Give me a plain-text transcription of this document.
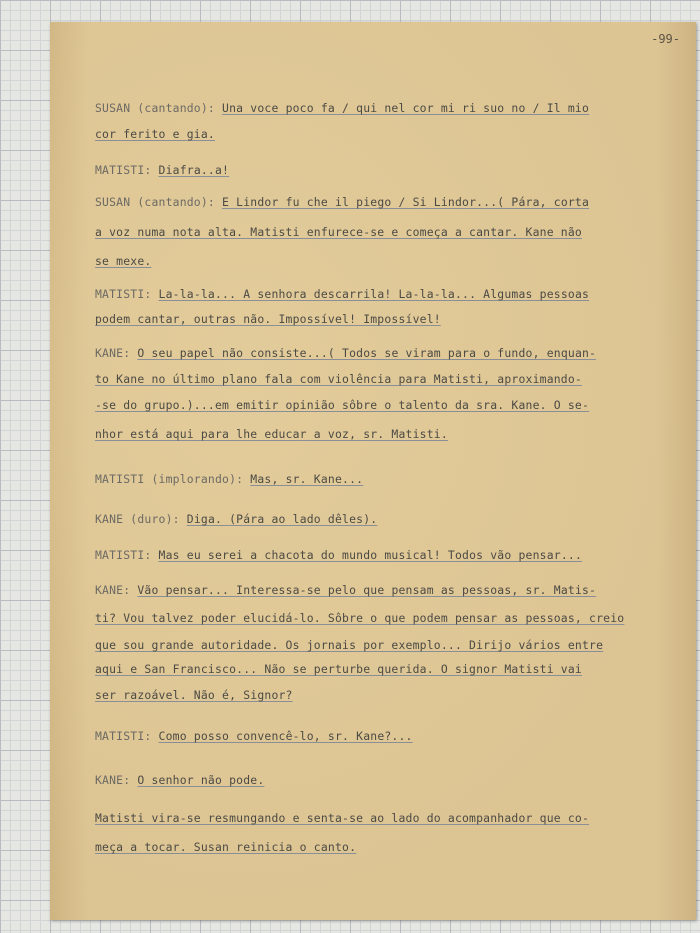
-99-
SUSAN (cantando): Una voce poco fa / qui nel cor mi ri suo no / Il mio
cor ferito e gia.
MATISTI: Diafra..a!
SUSAN (cantando): E Lindor fu che il piego / Si Lindor...( Pára, corta
a voz numa nota alta. Matisti enfurece-se e começa a cantar. Kane não
se mexe.
MATISTI: La-la-la... A senhora descarrila! La-la-la... Algumas pessoas
podem cantar, outras não. Impossível! Impossível!
KANE: O seu papel não consiste...( Todos se viram para o fundo, enquan-
to Kane no último plano fala com violência para Matisti, aproximando-
-se do grupo.)...em emitir opinião sôbre o talento da sra. Kane. O se-
nhor está aqui para lhe educar a voz, sr. Matisti.
MATISTI (implorando): Mas, sr. Kane...
KANE (duro): Diga. (Pára ao lado dêles).
MATISTI: Mas eu serei a chacota do mundo musical! Todos vão pensar...
KANE: Vão pensar... Interessa-se pelo que pensam as pessoas, sr. Matis-
ti? Vou talvez poder elucidá-lo. Sôbre o que podem pensar as pessoas, creio
que sou grande autoridade. Os jornais por exemplo... Dirijo vários entre
aqui e San Francisco... Não se perturbe querida. O signor Matisti vai
ser razoável. Não é, Signor?
MATISTI: Como posso convencê-lo, sr. Kane?...
KANE: O senhor não pode.
Matisti vira-se resmungando e senta-se ao lado do acompanhador que co-
meça a tocar. Susan reinicia o canto.
